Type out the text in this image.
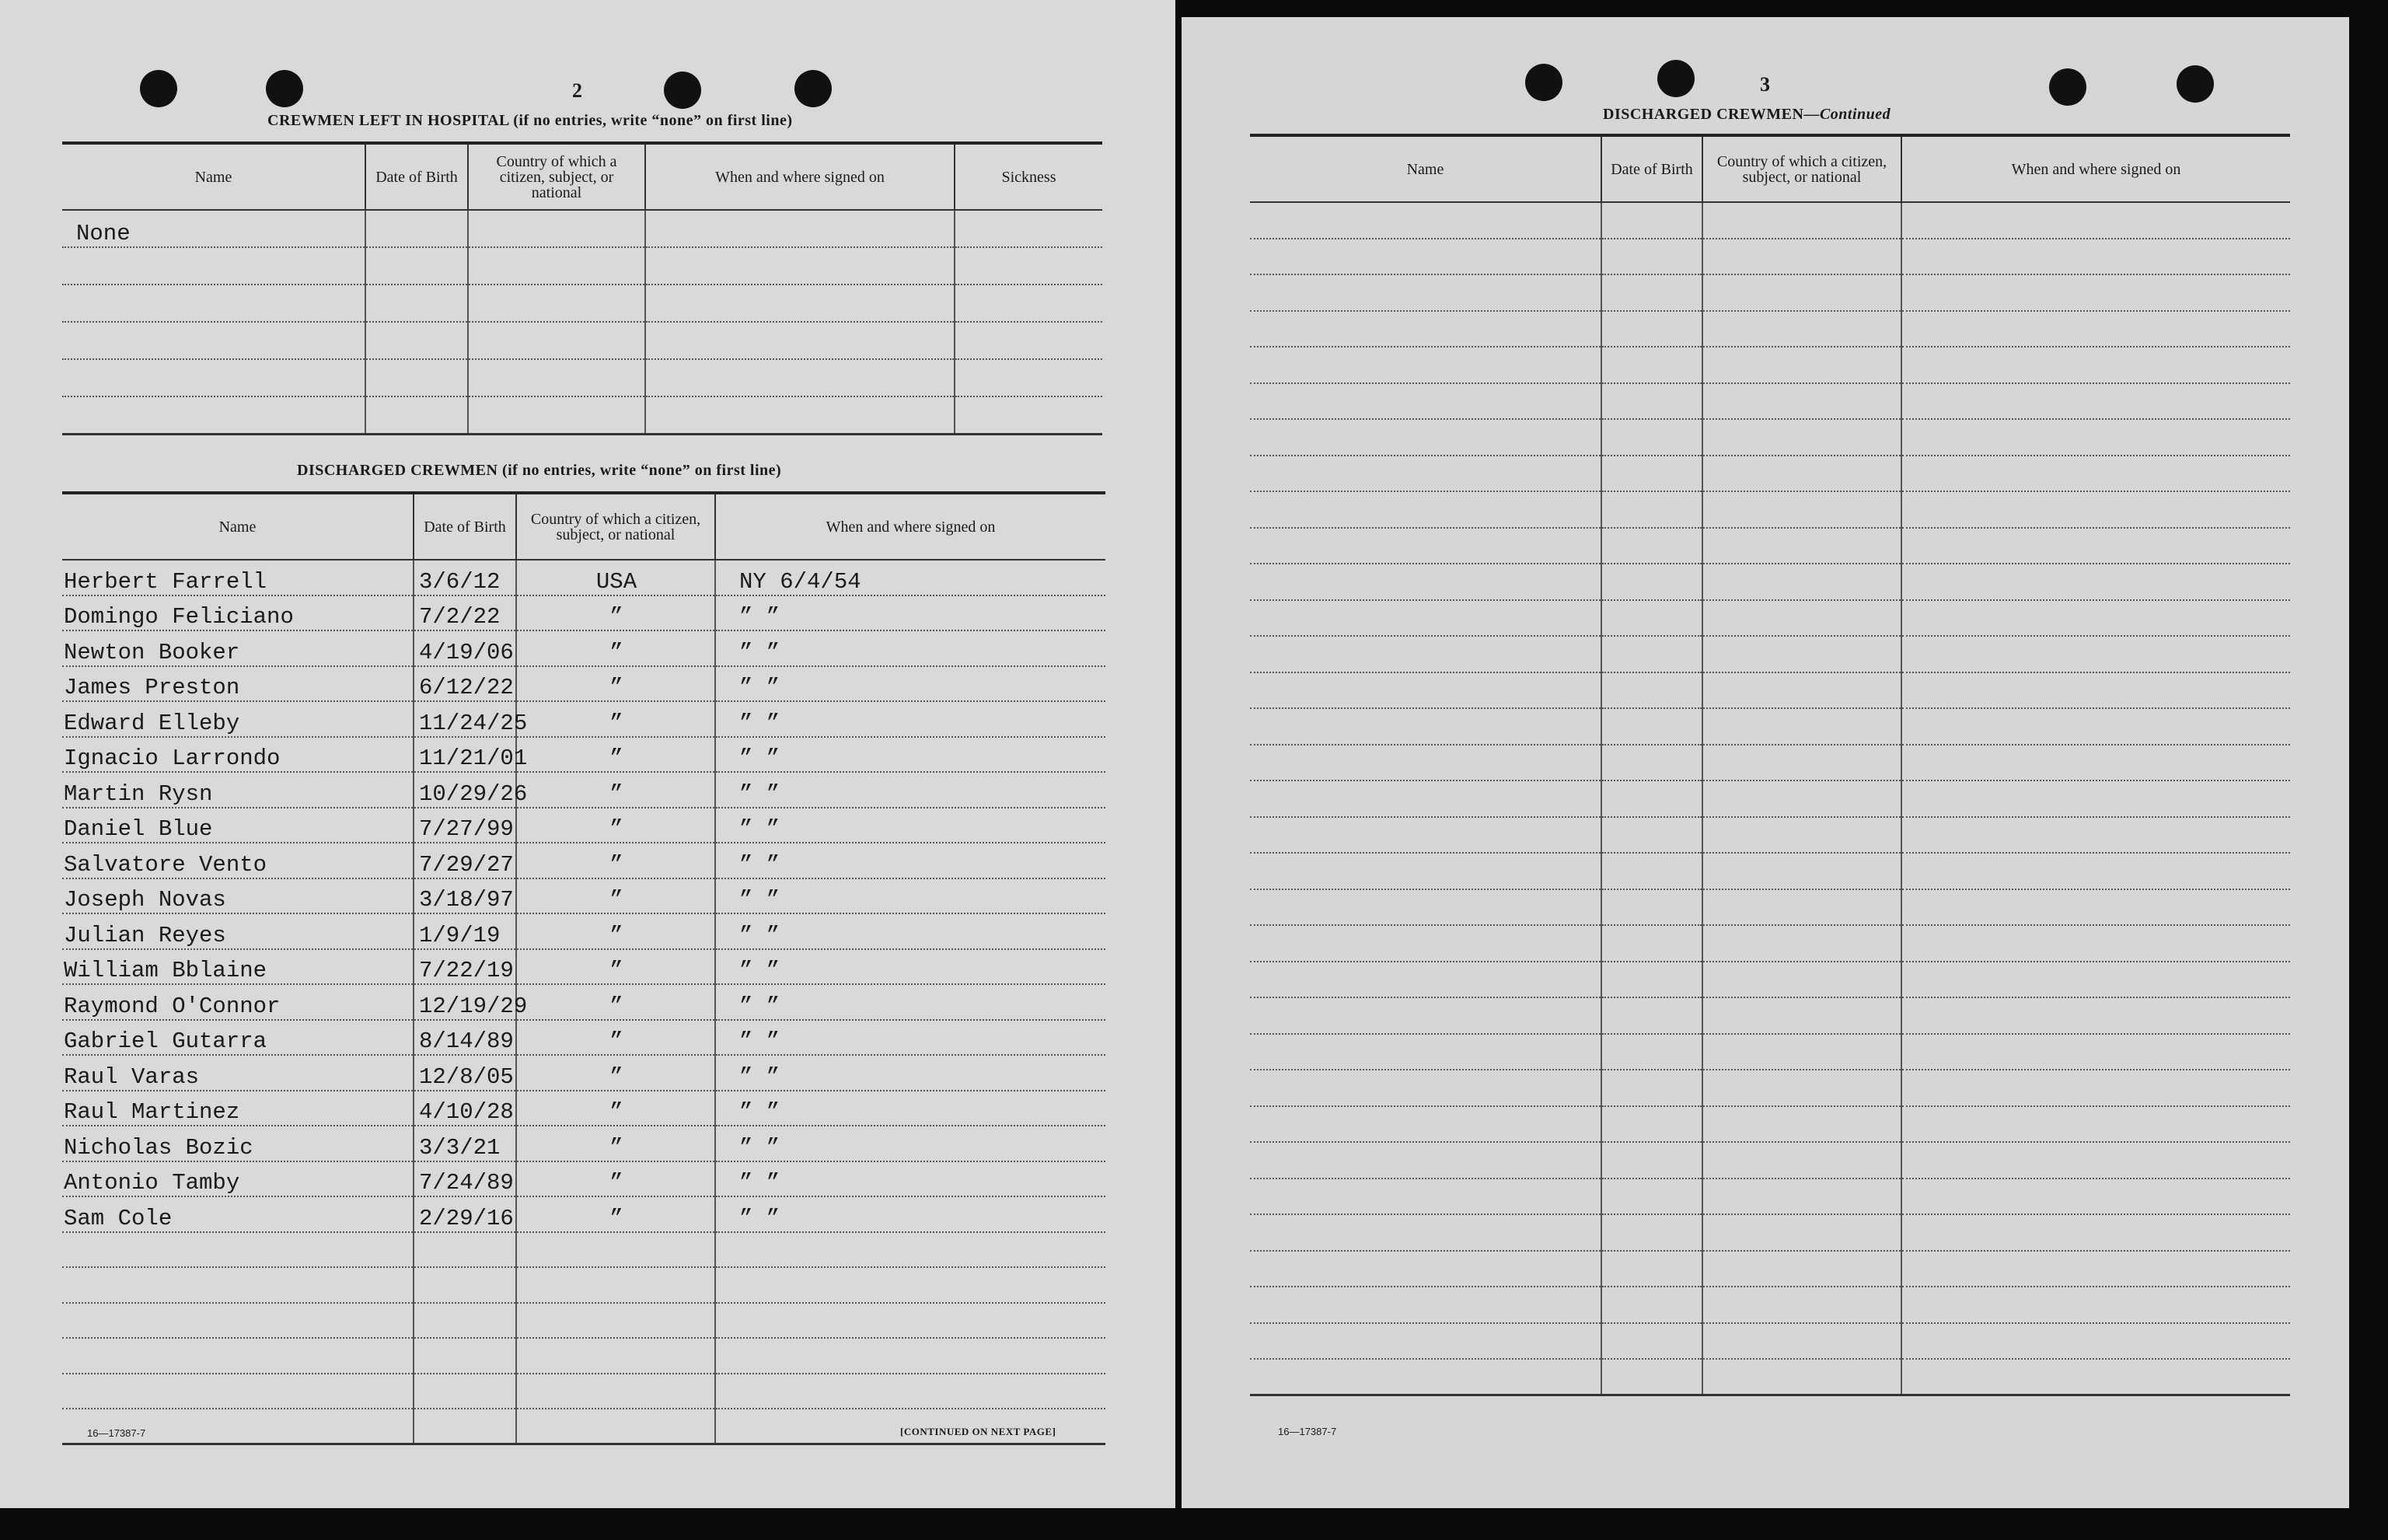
2
CREWMEN LEFT IN HOSPITAL (if no entries, write “none” on first line)
Name	Date of Birth	Country of which a citizen, subject, or national	When and where signed on	Sickness
None				

DISCHARGED CREWMEN (if no entries, write “none” on first line)
Name	Date of Birth	Country of which a citizen, subject, or national	When and where signed on
Herbert Farrell	3/6/12	USA	NY 6/4/54
Domingo Feliciano	7/2/22	”	” ”
Newton Booker	4/19/06	”	” ”
James Preston	6/12/22	”	” ”
Edward Elleby	11/24/25	”	” ”
Ignacio Larrondo	11/21/01	”	” ”
Martin Rysn	10/29/26	”	” ”
Daniel Blue	7/27/99	”	” ”
Salvatore Vento	7/29/27	”	” ”
Joseph Novas	3/18/97	”	” ”
Julian Reyes	1/9/19	”	” ”
William Bblaine	7/22/19	”	” ”
Raymond O'Connor	12/19/29	”	” ”
Gabriel Gutarra	8/14/89	”	” ”
Raul Varas	12/8/05	”	” ”
Raul Martinez	4/10/28	”	” ”
Nicholas Bozic	3/3/21	”	” ”
Antonio Tamby	7/24/89	”	” ”
Sam Cole	2/29/16	”	” ”

16—17387-7	[CONTINUED ON NEXT PAGE]
3
DISCHARGED CREWMEN—Continued
Name	Date of Birth	Country of which a citizen, subject, or national	When and where signed on

16—17387-7
